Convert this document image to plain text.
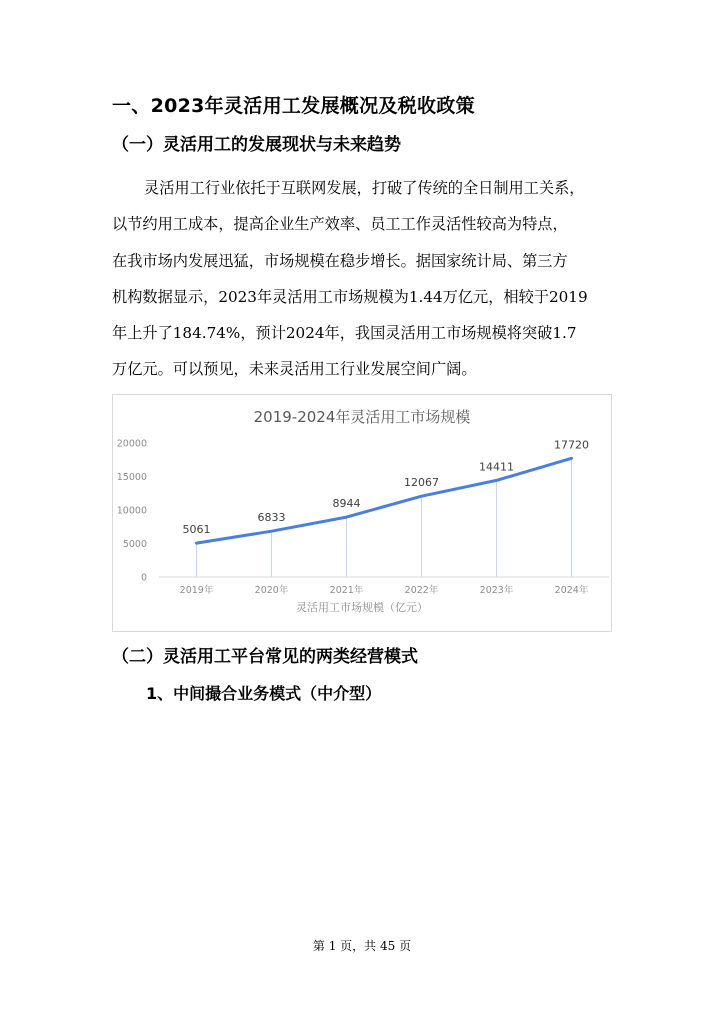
一、2023年灵活用工发展概况及税收政策
（一）灵活用工的发展现状与未来趋势
灵活用工行业依托于互联网发展，打破了传统的全日制用工关系，
以节约用工成本，提高企业生产效率、员工工作灵活性较高为特点，
在我市场内发展迅猛，市场规模在稳步增长。据国家统计局、第三方
机构数据显示，2023年灵活用工市场规模为1.44万亿元，相较于2019
年上升了184.74%，预计2024年，我国灵活用工市场规模将突破1.7
万亿元。可以预见，未来灵活用工行业发展空间广阔。
2019-2024年灵活用工市场规模
0
5000
10000
15000
20000
2019年	2020年	2021年	2022年	2023年	2024年
灵活用工市场规模（亿元）
5061
6833
8944
12067
14411
17720
（二）灵活用工平台常见的两类经营模式
1、中间撮合业务模式（中介型）
第 1 页，共 45 页
